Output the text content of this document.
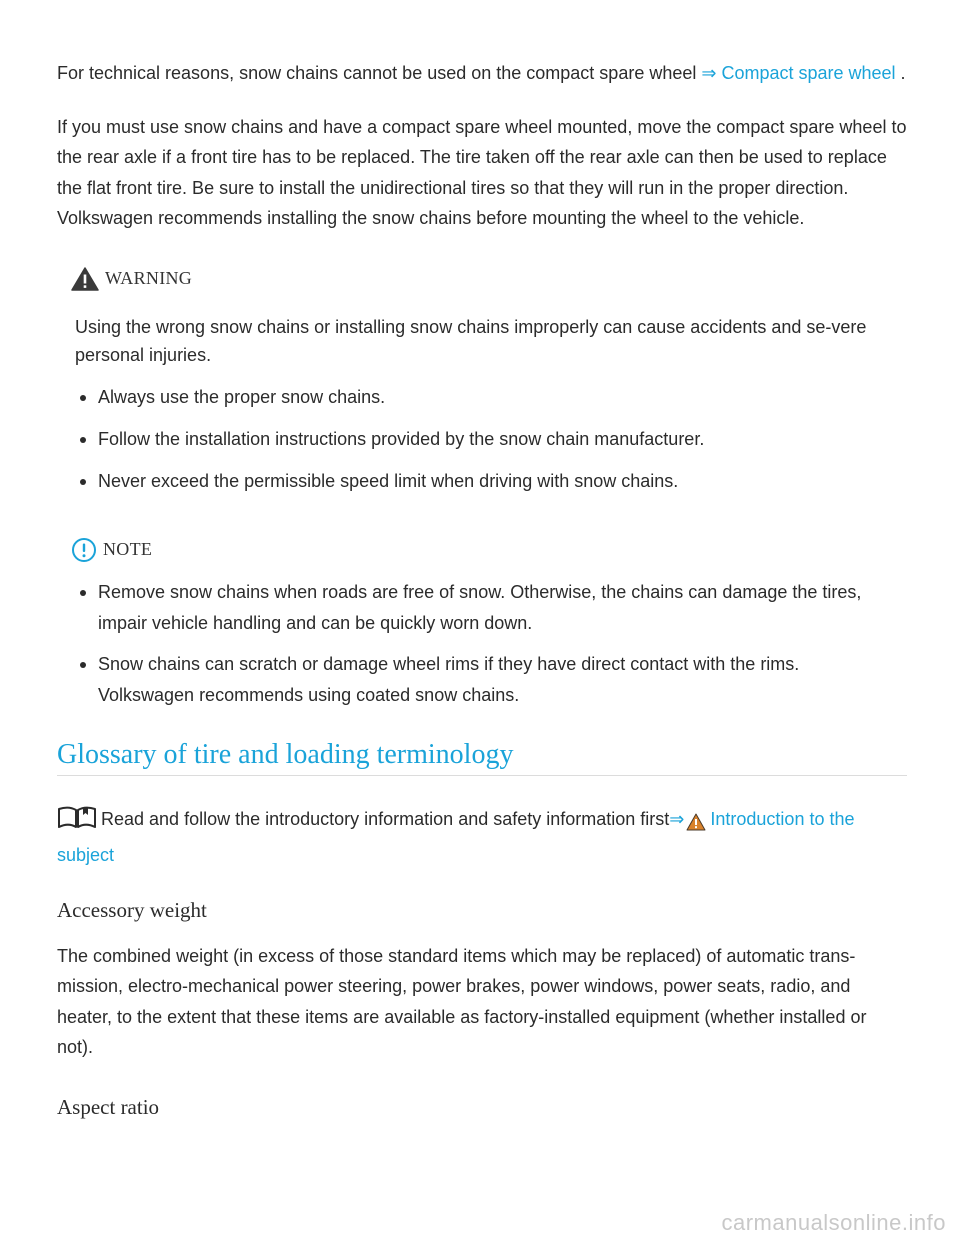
For technical reasons, snow chains cannot be used on the compact spare wheel ⇒ Compact spare wheel .

If you must use snow chains and have a compact spare wheel mounted, move the compact spare wheel to the rear axle if a front tire has to be replaced. The tire taken off the rear axle can then be used to replace the flat front tire. Be sure to install the unidirectional tires so that they will run in the proper direction. Volkswagen recommends installing the snow chains before mounting the wheel to the vehicle.

WARNING

Using the wrong snow chains or installing snow chains improperly can cause accidents and se-vere personal injuries.

Always use the proper snow chains.
Follow the installation instructions provided by the snow chain manufacturer.
Never exceed the permissible speed limit when driving with snow chains.
NOTE
Remove snow chains when roads are free of snow. Otherwise, the chains can damage the tires, impair vehicle handling and can be quickly worn down.
Snow chains can scratch or damage wheel rims if they have direct contact with the rims. Volkswagen recommends using coated snow chains.
Glossary of tire and loading terminology

Read and follow the introductory information and safety information first⇒ Introduction to the subject

Accessory weight

The combined weight (in excess of those standard items which may be replaced) of automatic trans-mission, electro-mechanical power steering, power brakes, power windows, power seats, radio, and heater, to the extent that these items are available as factory-installed equipment (whether installed or not).

Aspect ratio
carmanualsonline.info
